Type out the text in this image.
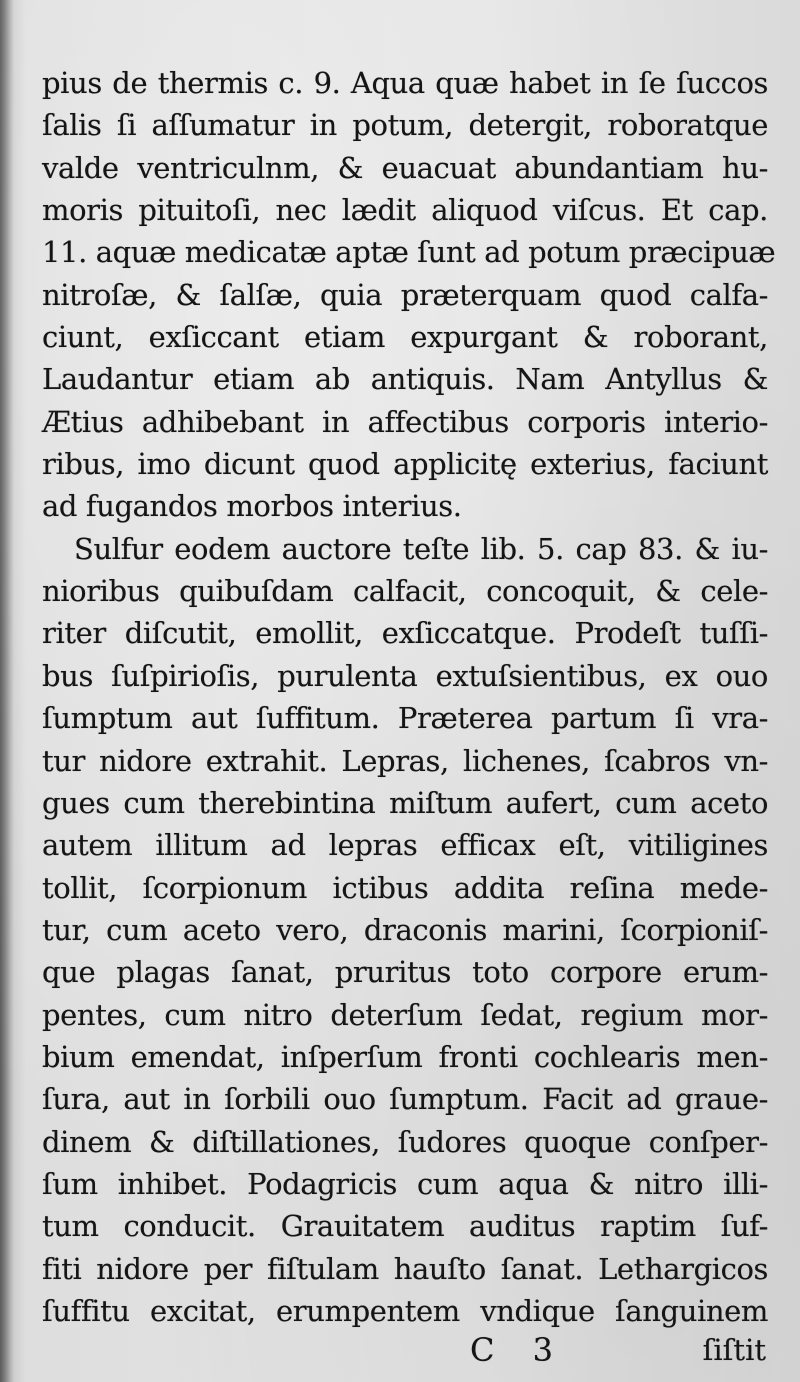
pius de thermis c. 9. Aqua quæ habet in ſe ſuccos
ſalis ſi aſſumatur in potum, detergit, roboratque
valde ventriculnm, & euacuat abundantiam hu-
moris pituitoſi, nec lædit aliquod viſcus. Et cap.
11. aquæ medicatæ aptæ ſunt ad potum præcipuæ
nitroſæ, & ſalſæ, quia præterquam quod calfa-
ciunt, exſiccant etiam expurgant & roborant,
Laudantur etiam ab antiquis. Nam Antyllus &
Ætius adhibebant in affectibus corporis interio-
ribus, imo dicunt quod applicitę exterius, faciunt
ad fugandos morbos interius.
Sulfur eodem auctore teſte lib. 5. cap 83. & iu-
nioribus quibuſdam calfacit, concoquit, & cele-
riter diſcutit, emollit, exſiccatque. Prodeſt tuſſi-
bus ſuſpirioſis, purulenta extuſsientibus, ex ouo
ſumptum aut ſuffitum. Præterea partum ſi vra-
tur nidore extrahit. Lepras, lichenes, ſcabros vn-
gues cum therebintina miſtum aufert, cum aceto
autem illitum ad lepras efficax eſt, vitiligines
tollit, ſcorpionum ictibus addita reſina mede-
tur, cum aceto vero, draconis marini, ſcorpioniſ-
que plagas ſanat, pruritus toto corpore erum-
pentes, cum nitro deterſum ſedat, regium mor-
bium emendat, inſperſum fronti cochlearis men-
ſura, aut in ſorbili ouo ſumptum. Facit ad graue-
dinem & diſtillationes, ſudores quoque conſper-
ſum inhibet. Podagricis cum aqua & nitro illi-
tum conducit. Grauitatem auditus raptim ſuf-
fiti nidore per fiſtulam hauſto ſanat. Lethargicos
ſuffitu excitat, erumpentem vndique ſanguinem
C 3	ſiſtit
